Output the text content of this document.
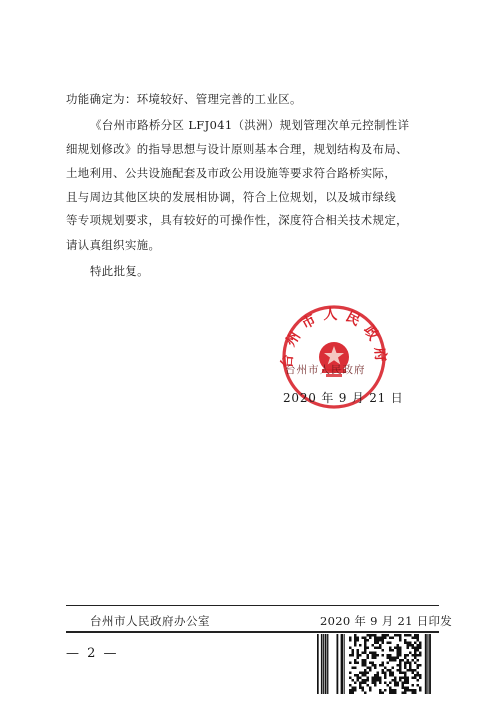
功能确定为：环境较好、管理完善的工业区。
《台州市路桥分区 LFJ041（洪洲）规划管理次单元控制性详
细规划修改》的指导思想与设计原则基本合理，规划结构及布局、
土地利用、公共设施配套及市政公用设施等要求符合路桥实际，
且与周边其他区块的发展相协调，符合上位规划，以及城市绿线
等专项规划要求，具有较好的可操作性，深度符合相关技术规定，
请认真组织实施。
特此批复。
台州市人民政府
台州市人民政府
2020 年 9 月 21 日
台州市人民政府办公室	2020 年 9 月 21 日印发
— 2 —
